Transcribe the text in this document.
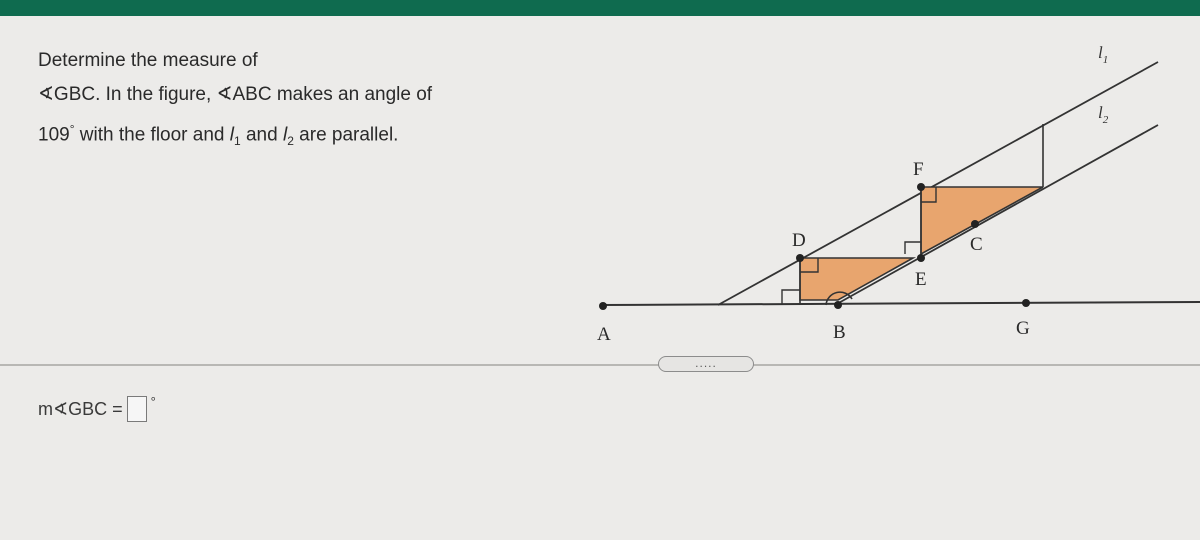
Determine the measure of
∢GBC. In the figure, ∢ABC makes an angle of
109° with the floor and $l_1$ and $l_2$ are parallel.
A	B	G
D
E
F
C
$l_1$
$l_2$
.....
m∢GBC = °
